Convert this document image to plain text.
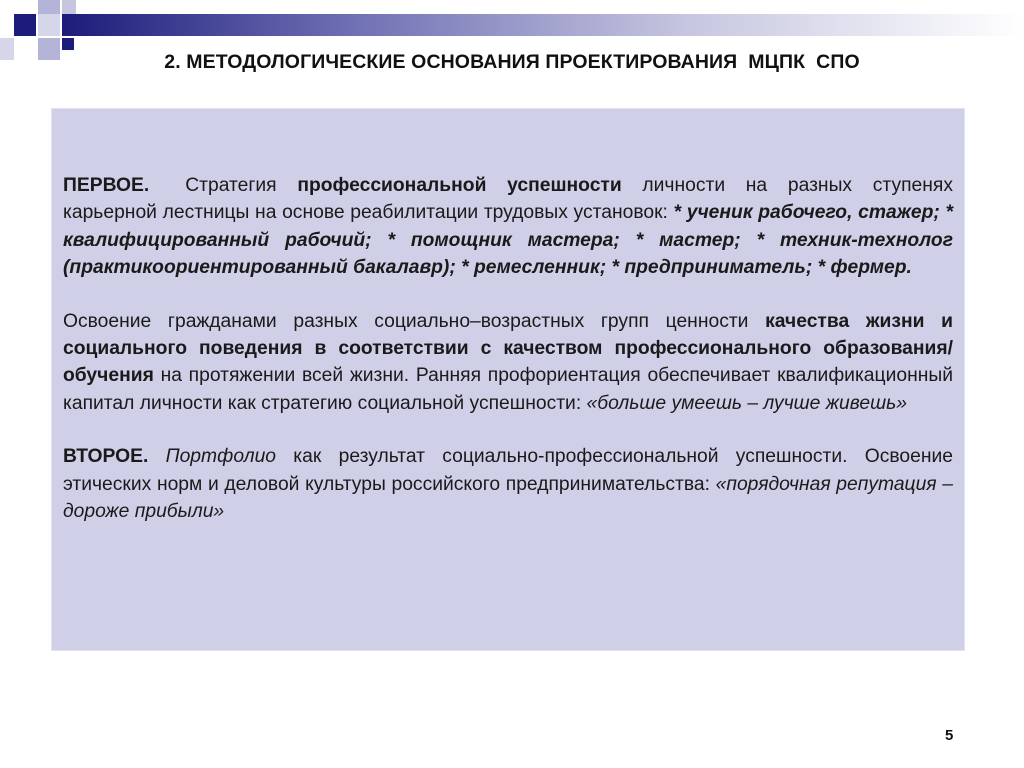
2. МЕТОДОЛОГИЧЕСКИЕ ОСНОВАНИЯ ПРОЕКТИРОВАНИЯ  МЦПК  СПО

ПЕРВОЕ. Стратегия профессиональной успешности личности на разных ступенях карьерной лестницы на основе реабилитации трудовых установок: * ученик рабочего, стажер; * квалифицированный рабочий; * помощник мастера; * мастер; * техник-технолог (практикоориентированный бакалавр); * ремесленник; * предприниматель; * фермер.

Освоение гражданами разных социально–возрастных групп ценности качества жизни и социального поведения в соответствии с качеством профессионального образования/обучения на протяжении всей жизни. Ранняя профориентация обеспечивает квалификационный капитал личности как стратегию социальной успешности: «больше умеешь – лучше живешь»

ВТОРОЕ. Портфолио как результат социально-профессиональной успешности. Освоение этических норм и деловой культуры российского предпринимательства: «порядочная репутация – дороже прибыли»

5
